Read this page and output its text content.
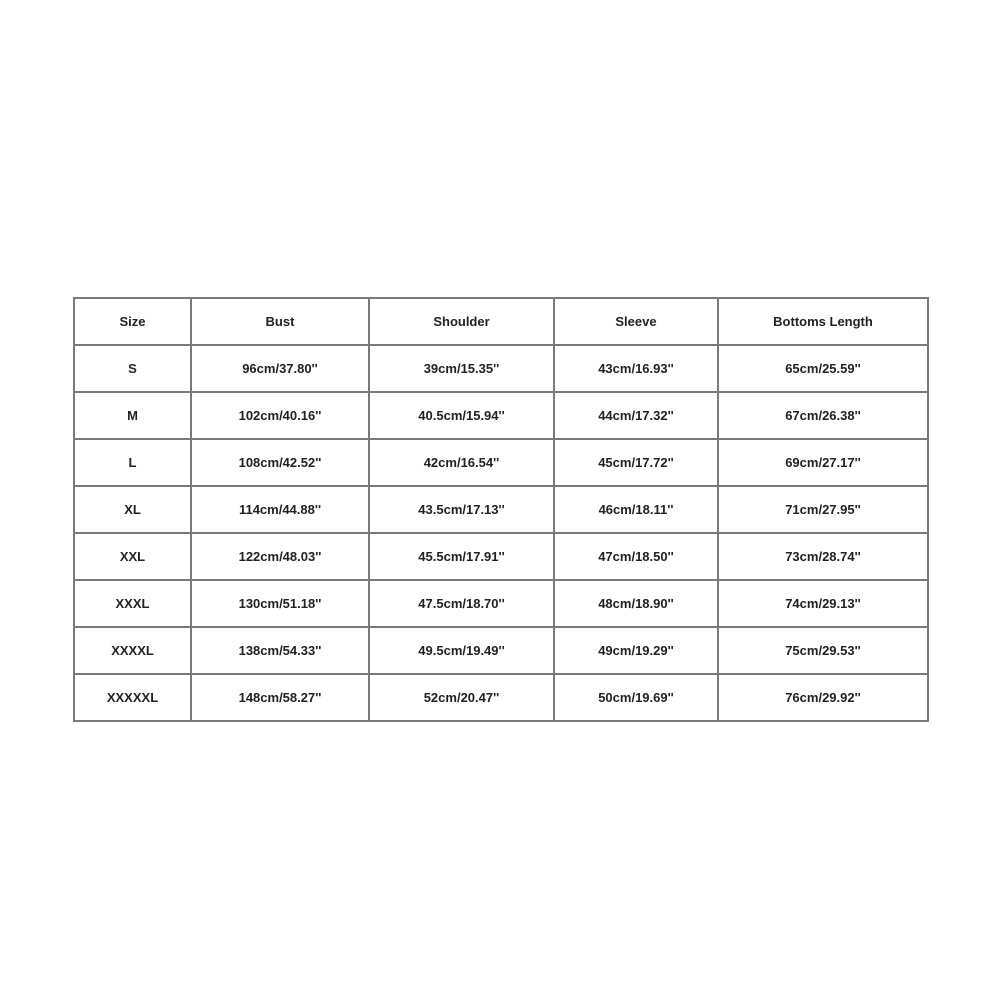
Size	Bust	Shoulder	Sleeve	Bottoms Length
S	96cm/37.80''	39cm/15.35''	43cm/16.93''	65cm/25.59''
M	102cm/40.16''	40.5cm/15.94''	44cm/17.32''	67cm/26.38''
L	108cm/42.52''	42cm/16.54''	45cm/17.72''	69cm/27.17''
XL	114cm/44.88''	43.5cm/17.13''	46cm/18.11''	71cm/27.95''
XXL	122cm/48.03''	45.5cm/17.91''	47cm/18.50''	73cm/28.74''
XXXL	130cm/51.18''	47.5cm/18.70''	48cm/18.90''	74cm/29.13''
XXXXL	138cm/54.33''	49.5cm/19.49''	49cm/19.29''	75cm/29.53''
XXXXXL	148cm/58.27''	52cm/20.47''	50cm/19.69''	76cm/29.92''
